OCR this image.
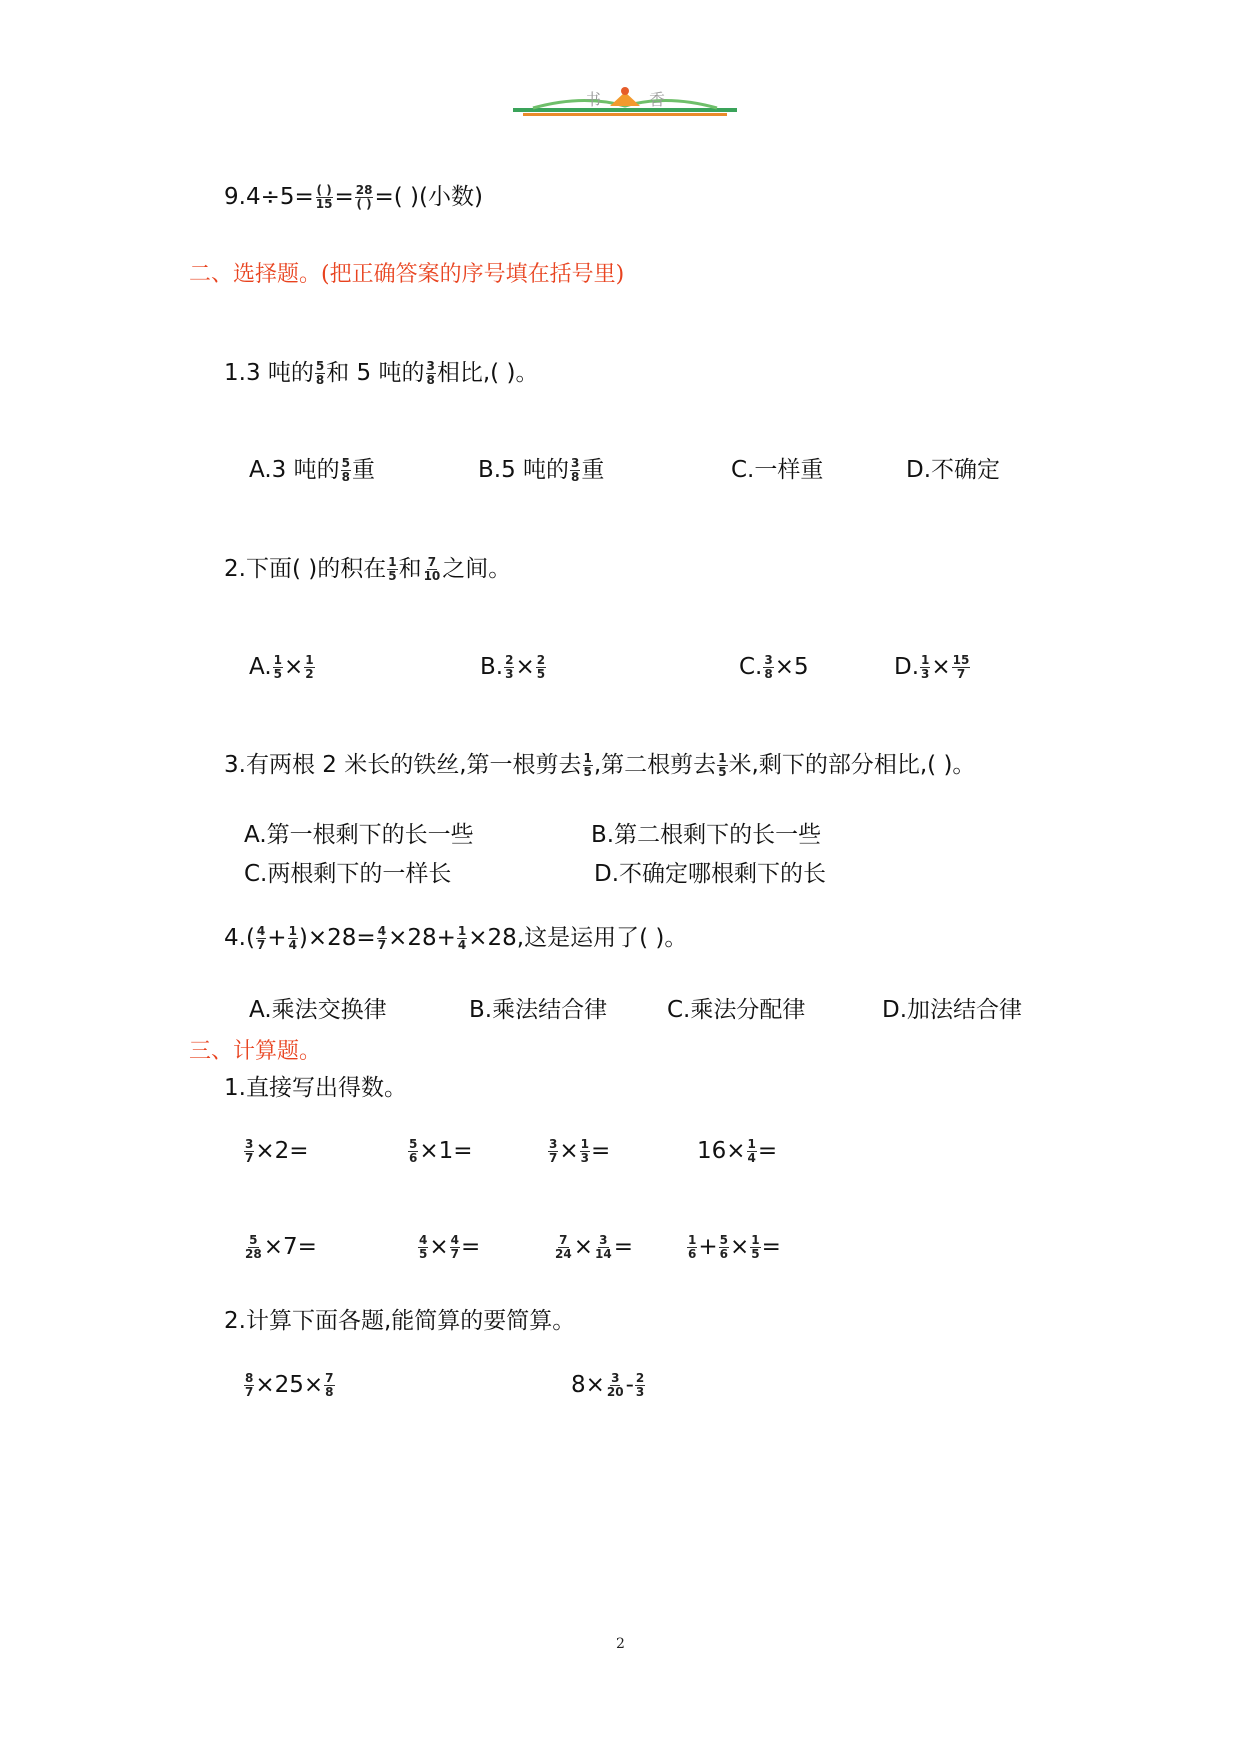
书	香
$9.4\div 5= \frac{( )}{15} = \frac{28}{( )}$ =( )(小数)
二、选择题。(把正确答案的序号填在括号里)
1.3 吨的 $\frac{5}{8}$ 和 5 吨的 $\frac{3}{8}$ 相比,( )。
A.3 吨的 $\frac{5}{8}$ 重	B.5 吨的 $\frac{3}{8}$ 重	C.一样重	D.不确定
2.下面( )的积在 $\frac{1}{5}$ 和 $\frac{7}{10}$ 之间。
A. $\frac{1}{5} \times \frac{1}{2}$	B. $\frac{2}{3} \times \frac{2}{5}$	C. $\frac{3}{8} \times 5$	D. $\frac{1}{3} \times \frac{15}{7}$
3.有两根 2 米长的铁丝,第一根剪去 $\frac{1}{5}$ ,第二根剪去 $\frac{1}{5}$ 米,剩下的部分相比,( )。
A.第一根剩下的长一些	B.第二根剩下的长一些
C.两根剩下的一样长	D.不确定哪根剩下的长
$4.( \frac{4}{7} + \frac{1}{4} )\times 28= \frac{4}{7} \times 28+ \frac{1}{4} \times 28$,这是运用了( )。
A.乘法交换律	B.乘法结合律	C.乘法分配律	D.加法结合律
三、计算题。
1.直接写出得数。
$\frac{3}{7} \times 2=$	$\frac{5}{6} \times 1=$	$\frac{3}{7} \times \frac{1}{3}$ =	$16\times \frac{1}{4}$ =
$\frac{5}{28} \times 7=$	$\frac{4}{5} \times \frac{4}{7}$ =	$\frac{7}{24} \times \frac{3}{14}$ =	$\frac{1}{6} + \frac{5}{6} \times \frac{1}{5}$ =
2.计算下面各题,能简算的要简算。
$\frac{8}{7} \times 25\times \frac{7}{8}$	$8\times \frac{3}{20} - \frac{2}{3}$
2
